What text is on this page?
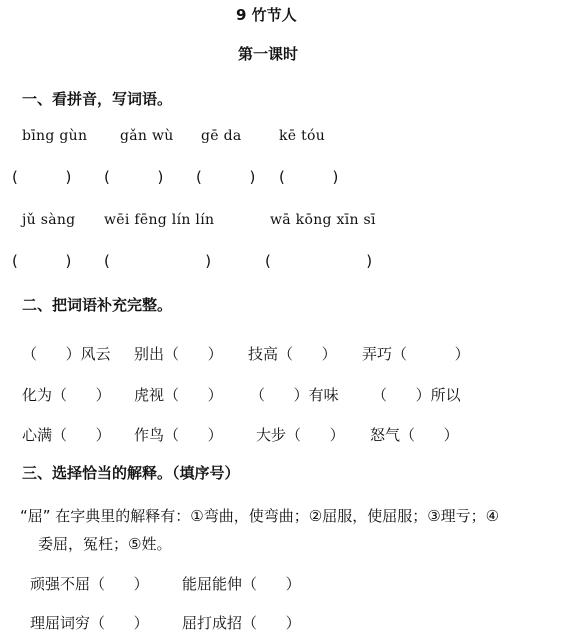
9 竹节人
第一课时
一、看拼音，写词语。
bīng gùn gǎn wù gē da	kē tóu
(          ) (          ) (          ) (          )
jǔ sàng wēi fēng lín lín	wā kōng xīn sī
(          ) (                    )	(                    )
二、把词语补充完整。
（      ）风云 别出（      ） 技高（      ） 弄巧（          ）
化为（      ） 虎视（      ） （      ）有味 （      ）所以
心满（      ） 作鸟（      ） 大步（      ） 怒气（      ）
三、选择恰当的解释。（填序号）
“屈” 在字典里的解释有：①弯曲，使弯曲；②屈服，使屈服；③理亏；④
委屈，冤枉；⑤姓。
顽强不屈（      ） 能屈能伸（      ）
理屈词穷（      ） 屈打成招（      ）
